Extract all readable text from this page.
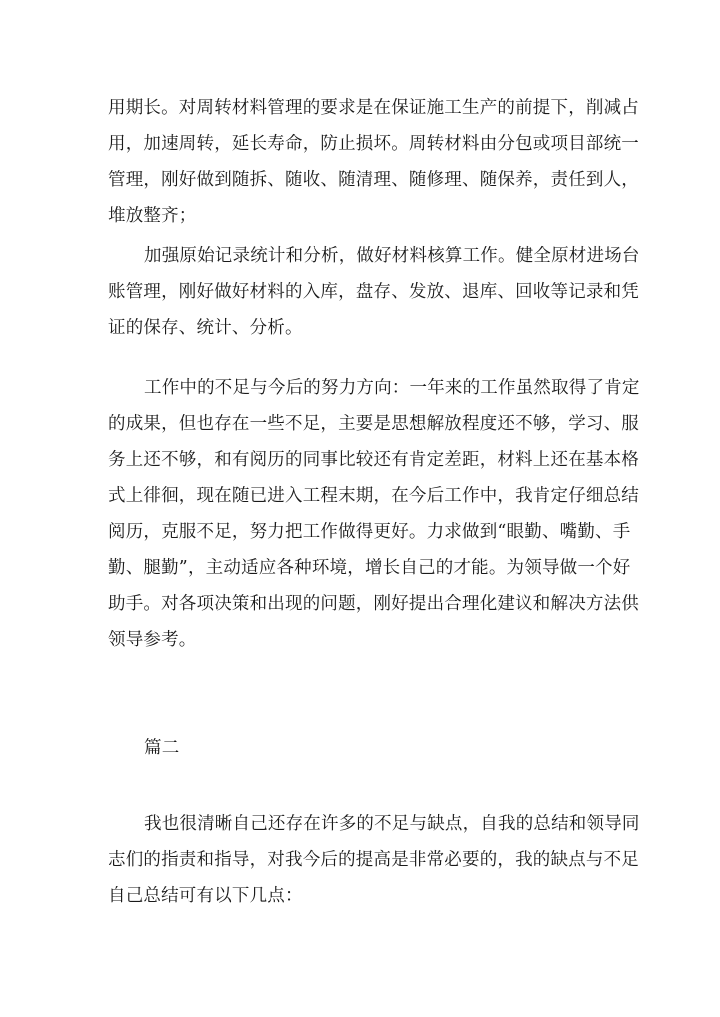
用期长。对周转材料管理的要求是在保证施工生产的前提下，削减占
用，加速周转，延长寿命，防止损坏。周转材料由分包或项目部统一
管理，刚好做到随拆、随收、随清理、随修理、随保养，责任到人，
堆放整齐；
加强原始记录统计和分析，做好材料核算工作。健全原材进场台
账管理，刚好做好材料的入库，盘存、发放、退库、回收等记录和凭
证的保存、统计、分析。
工作中的不足与今后的努力方向：一年来的工作虽然取得了肯定
的成果，但也存在一些不足，主要是思想解放程度还不够，学习、服
务上还不够，和有阅历的同事比较还有肯定差距，材料上还在基本格
式上徘徊，现在随已进入工程末期，在今后工作中，我肯定仔细总结
阅历，克服不足，努力把工作做得更好。力求做到“眼勤、嘴勤、手
勤、腿勤”，主动适应各种环境，增长自己的才能。为领导做一个好
助手。对各项决策和出现的问题，刚好提出合理化建议和解决方法供
领导参考。
篇二
我也很清晰自己还存在许多的不足与缺点，自我的总结和领导同
志们的指责和指导，对我今后的提高是非常必要的，我的缺点与不足
自己总结可有以下几点：
